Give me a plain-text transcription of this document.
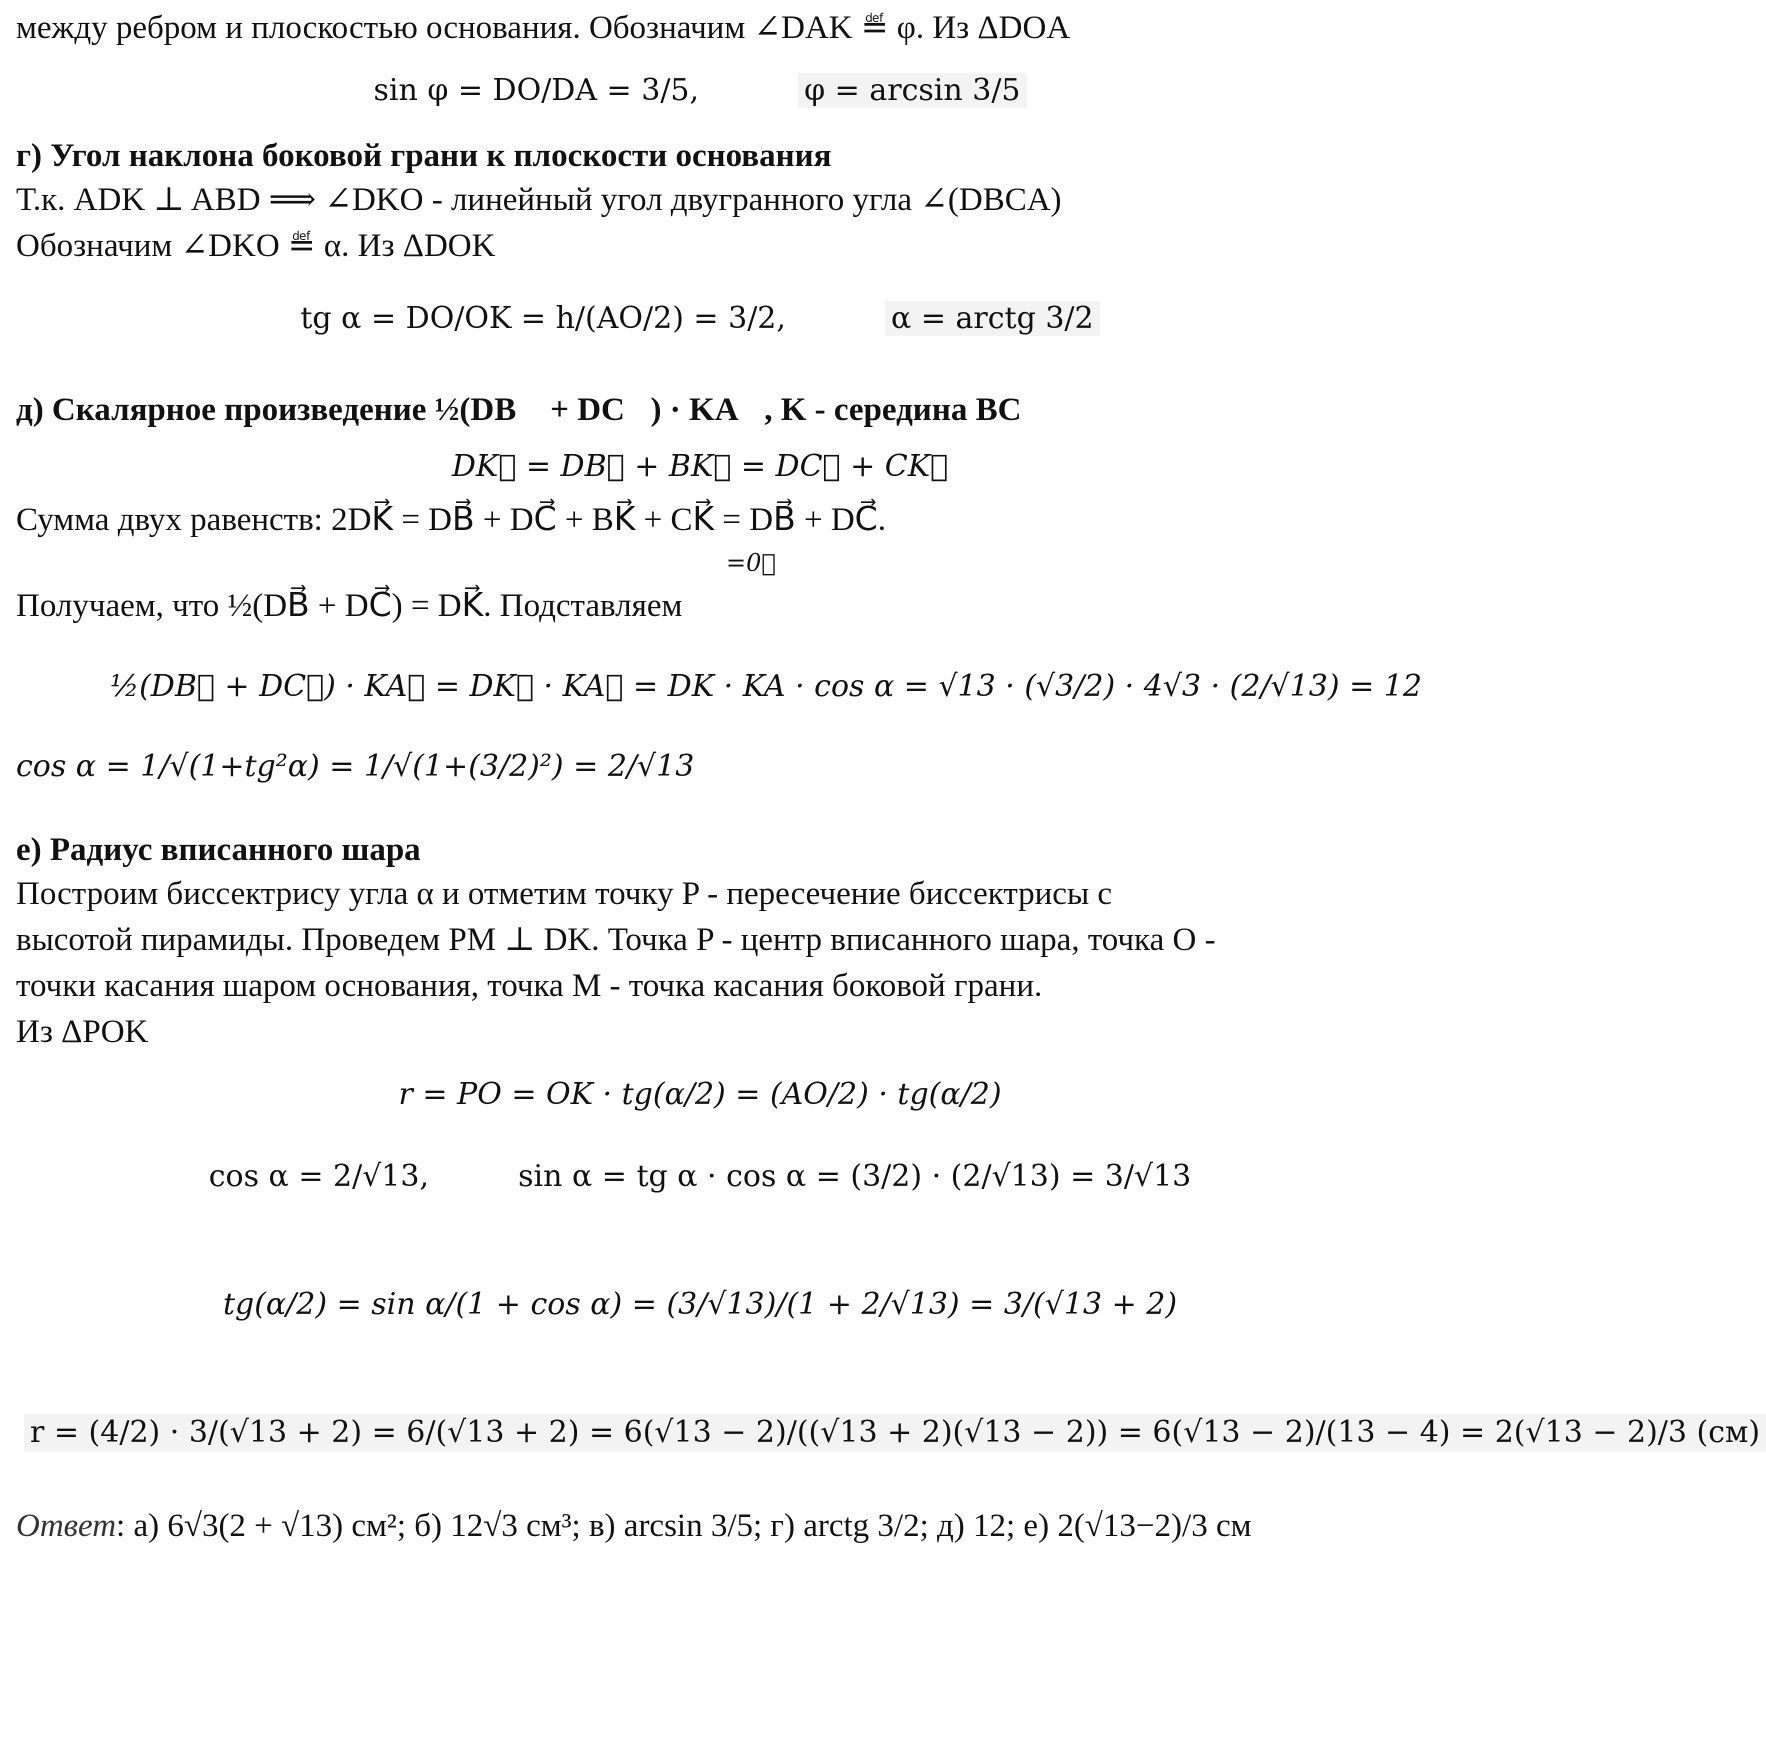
между ребром и плоскостью основания. Обозначим ∠DAK ≝ φ. Из ΔDOA
sin φ = DO/DA = 3/5,	φ = arcsin 3/5
г) Угол наклона боковой грани к плоскости основания
Т.к. ADK ⊥ ABD ⟹ ∠DKO - линейный угол двугранного угла ∠(DBCA)
Обозначим ∠DKO ≝ α. Из ΔDOK
tg α = DO/OK = h/(AO/2) = 3/2,	α = arctg 3/2
д) Скалярное произведение ½(DB⃗ + DC⃗) · KA⃗, K - середина BC
DK⃗ = DB⃗ + BK⃗ = DC⃗ + CK⃗
Сумма двух равенств: 2DK⃗ = DB⃗ + DC⃗ + BK⃗ + CK⃗ = DB⃗ + DC⃗.
=0⃗
Получаем, что ½(DB⃗ + DC⃗) = DK⃗. Подставляем
½(DB⃗ + DC⃗) · KA⃗ = DK⃗ · KA⃗ = DK · KA · cos α = √13 · (√3/2) · 4√3 · (2/√13) = 12
cos α = 1/√(1+tg²α) = 1/√(1+(3/2)²) = 2/√13
е) Радиус вписанного шара
Построим биссектрису угла α и отметим точку P - пересечение биссектрисы с
высотой пирамиды. Проведем PM ⊥ DK. Точка P - центр вписанного шара, точка O -
точки касания шаром основания, точка M - точка касания боковой грани.
Из ΔPOK
r = PO = OK · tg(α/2) = (AO/2) · tg(α/2)
cos α = 2/√13,	sin α = tg α · cos α = (3/2) · (2/√13) = 3/√13
tg(α/2) = sin α/(1 + cos α) = (3/√13)/(1 + 2/√13) = 3/(√13 + 2)
r = (4/2) · 3/(√13 + 2) = 6/(√13 + 2) = 6(√13 − 2)/((√13 + 2)(√13 − 2)) = 6(√13 − 2)/(13 − 4) = 2(√13 − 2)/3 (см)
Ответ: а) 6√3(2 + √13) см²; б) 12√3 см³; в) arcsin 3/5; г) arctg 3/2; д) 12; е) 2(√13−2)/3 см
